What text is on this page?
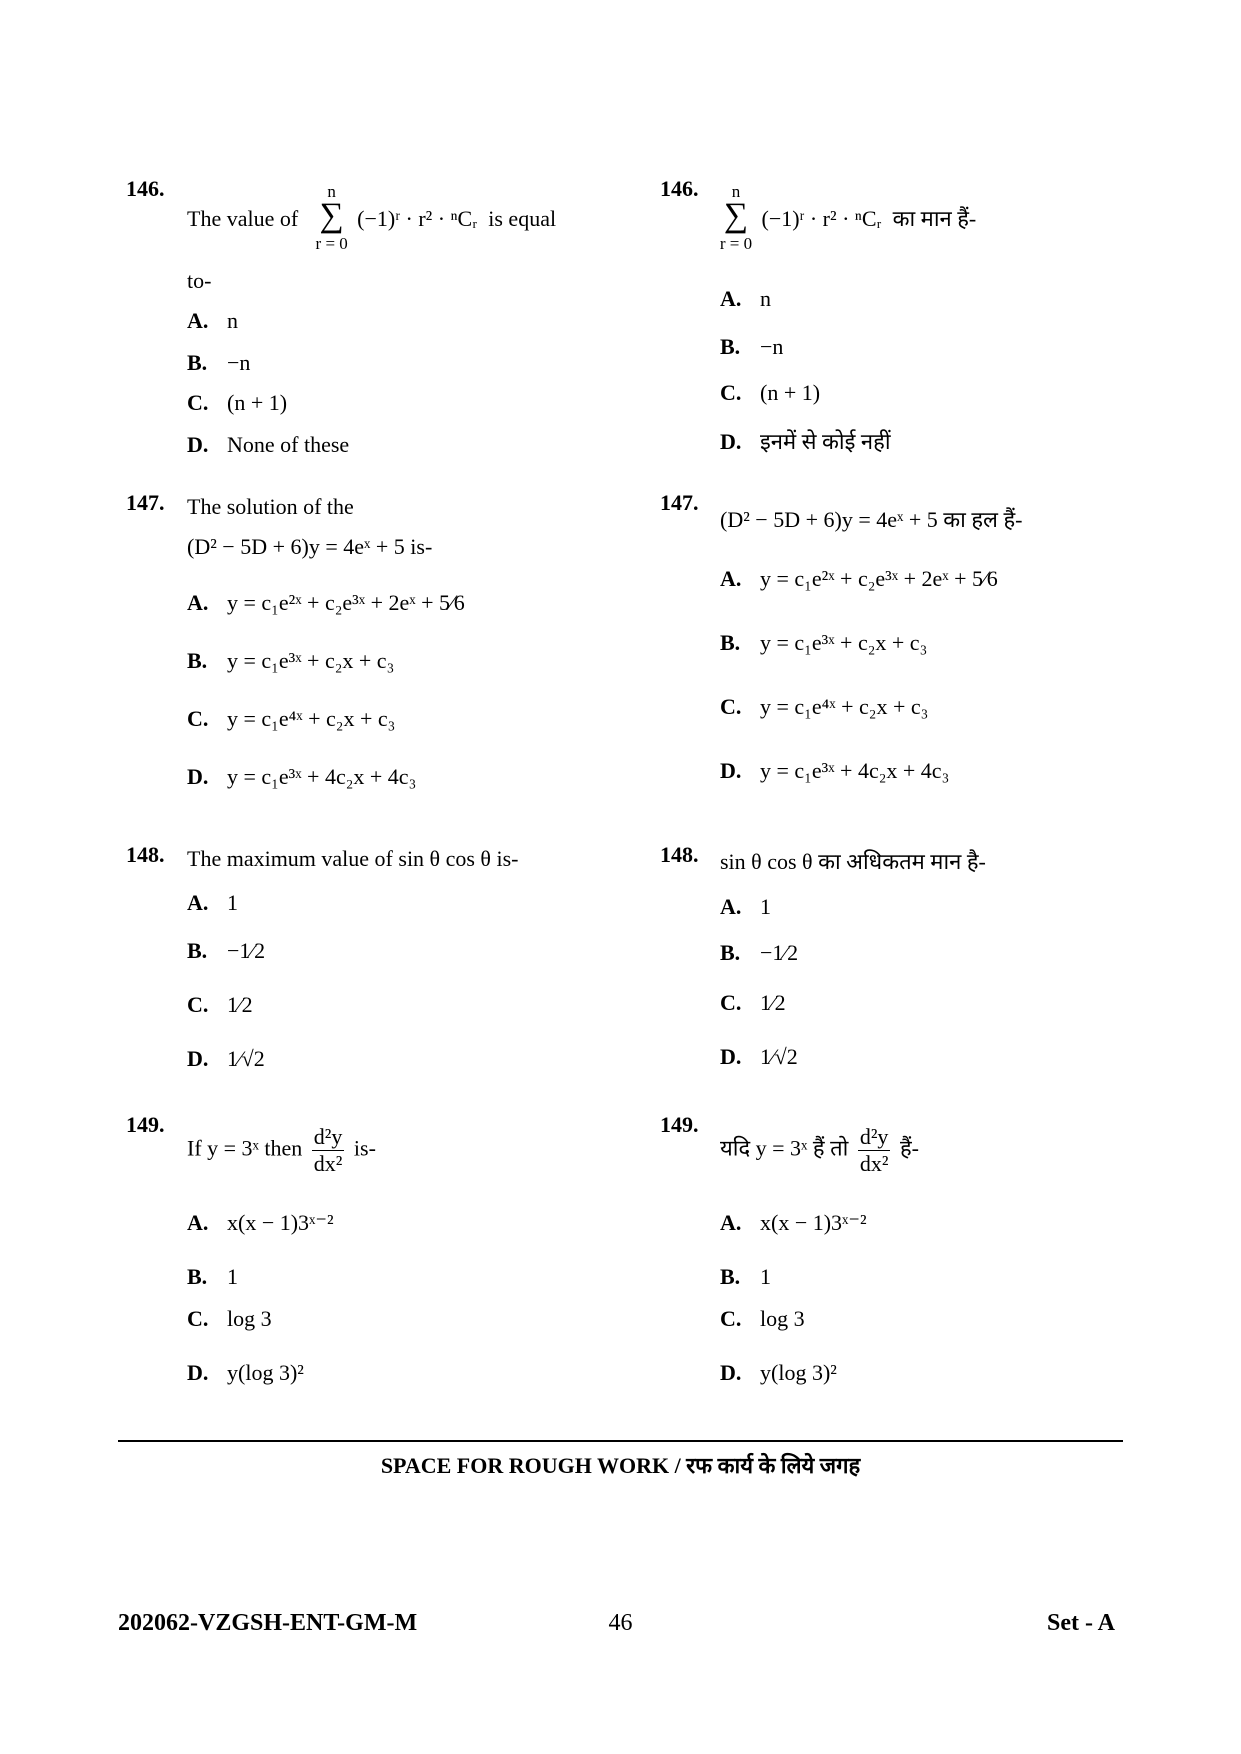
146.
The value of
n
∑
r = 0
(−1)ʳ · r² · ⁿCᵣ is equal
to-
A. n
B. −n
C. (n + 1)
D. None of these
147. The solution of the
(D² − 5D + 6)y = 4eˣ + 5 is-
A. y = c₁e²ˣ + c₂e³ˣ + 2eˣ + 5⁄6
B. y = c₁e³ˣ + c₂x + c₃
C. y = c₁e⁴ˣ + c₂x + c₃
D. y = c₁e³ˣ + 4c₂x + 4c₃
148. The maximum value of sin θ cos θ is-
A. 1
B. −1⁄2
C. 1⁄2
D. 1⁄√2
149.
If y = 3ˣ then $\frac{\text{d²y}}{\text{dx²}} is-$
A. x(x − 1)3ˣ⁻²
B. 1
C. log 3
D. y(log 3)²
146.	n
∑
r = 0
(−1)ʳ · r² · ⁿCᵣ का मान हैं-
A. n
B. −n
C. (n + 1)
D. इनमें से कोई नहीं
147.
(D² − 5D + 6)y = 4eˣ + 5 का हल हैं-
A. y = c₁e²ˣ + c₂e³ˣ + 2eˣ + 5⁄6
B. y = c₁e³ˣ + c₂x + c₃
C. y = c₁e⁴ˣ + c₂x + c₃
D. y = c₁e³ˣ + 4c₂x + 4c₃
148. sin θ cos θ का अधिकतम मान है-
A. 1
B. −1⁄2
C. 1⁄2
D. 1⁄√2
149.
यदि y = 3ˣ हैं तो $\frac{\text{d²y}}{\text{dx²}}$ हैं-
A. x(x − 1)3ˣ⁻²
B. 1
C. log 3
D. y(log 3)²
SPACE FOR ROUGH WORK / रफ कार्य के लिये जगह
202062-VZGSH-ENT-GM-M	46	Set - A
